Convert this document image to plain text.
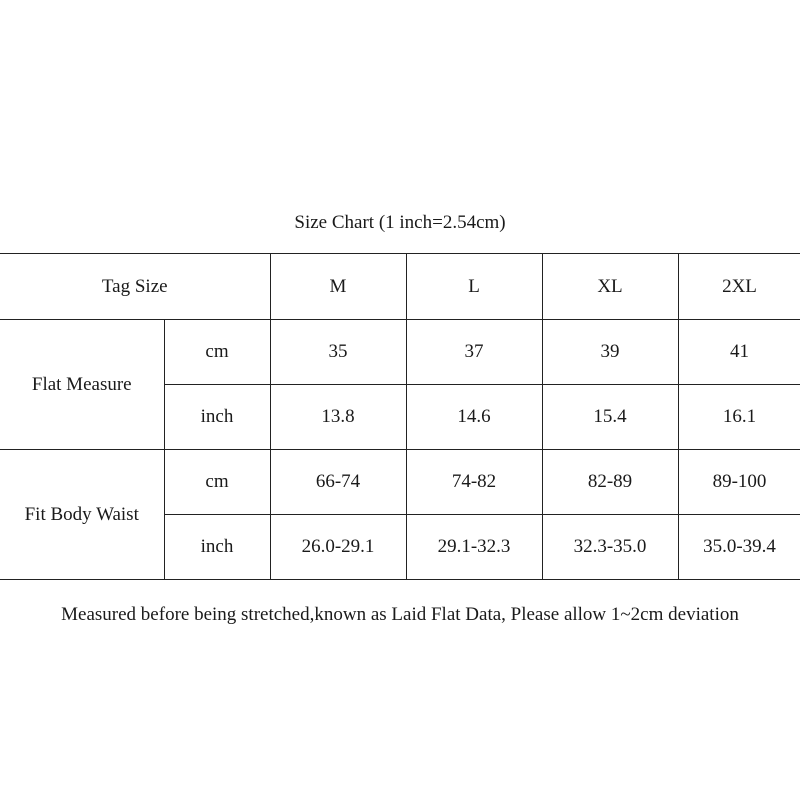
Size Chart (1 inch=2.54cm)
Tag Size		M	L	XL	2XL
Flat Measure	cm	35	37	39	41
	inch	13.8	14.6	15.4	16.1
Fit Body Waist	cm	66-74	74-82	82-89	89-100
	inch	26.0-29.1	29.1-32.3	32.3-35.0	35.0-39.4
Measured before being stretched,known as Laid Flat Data, Please allow 1~2cm deviation
